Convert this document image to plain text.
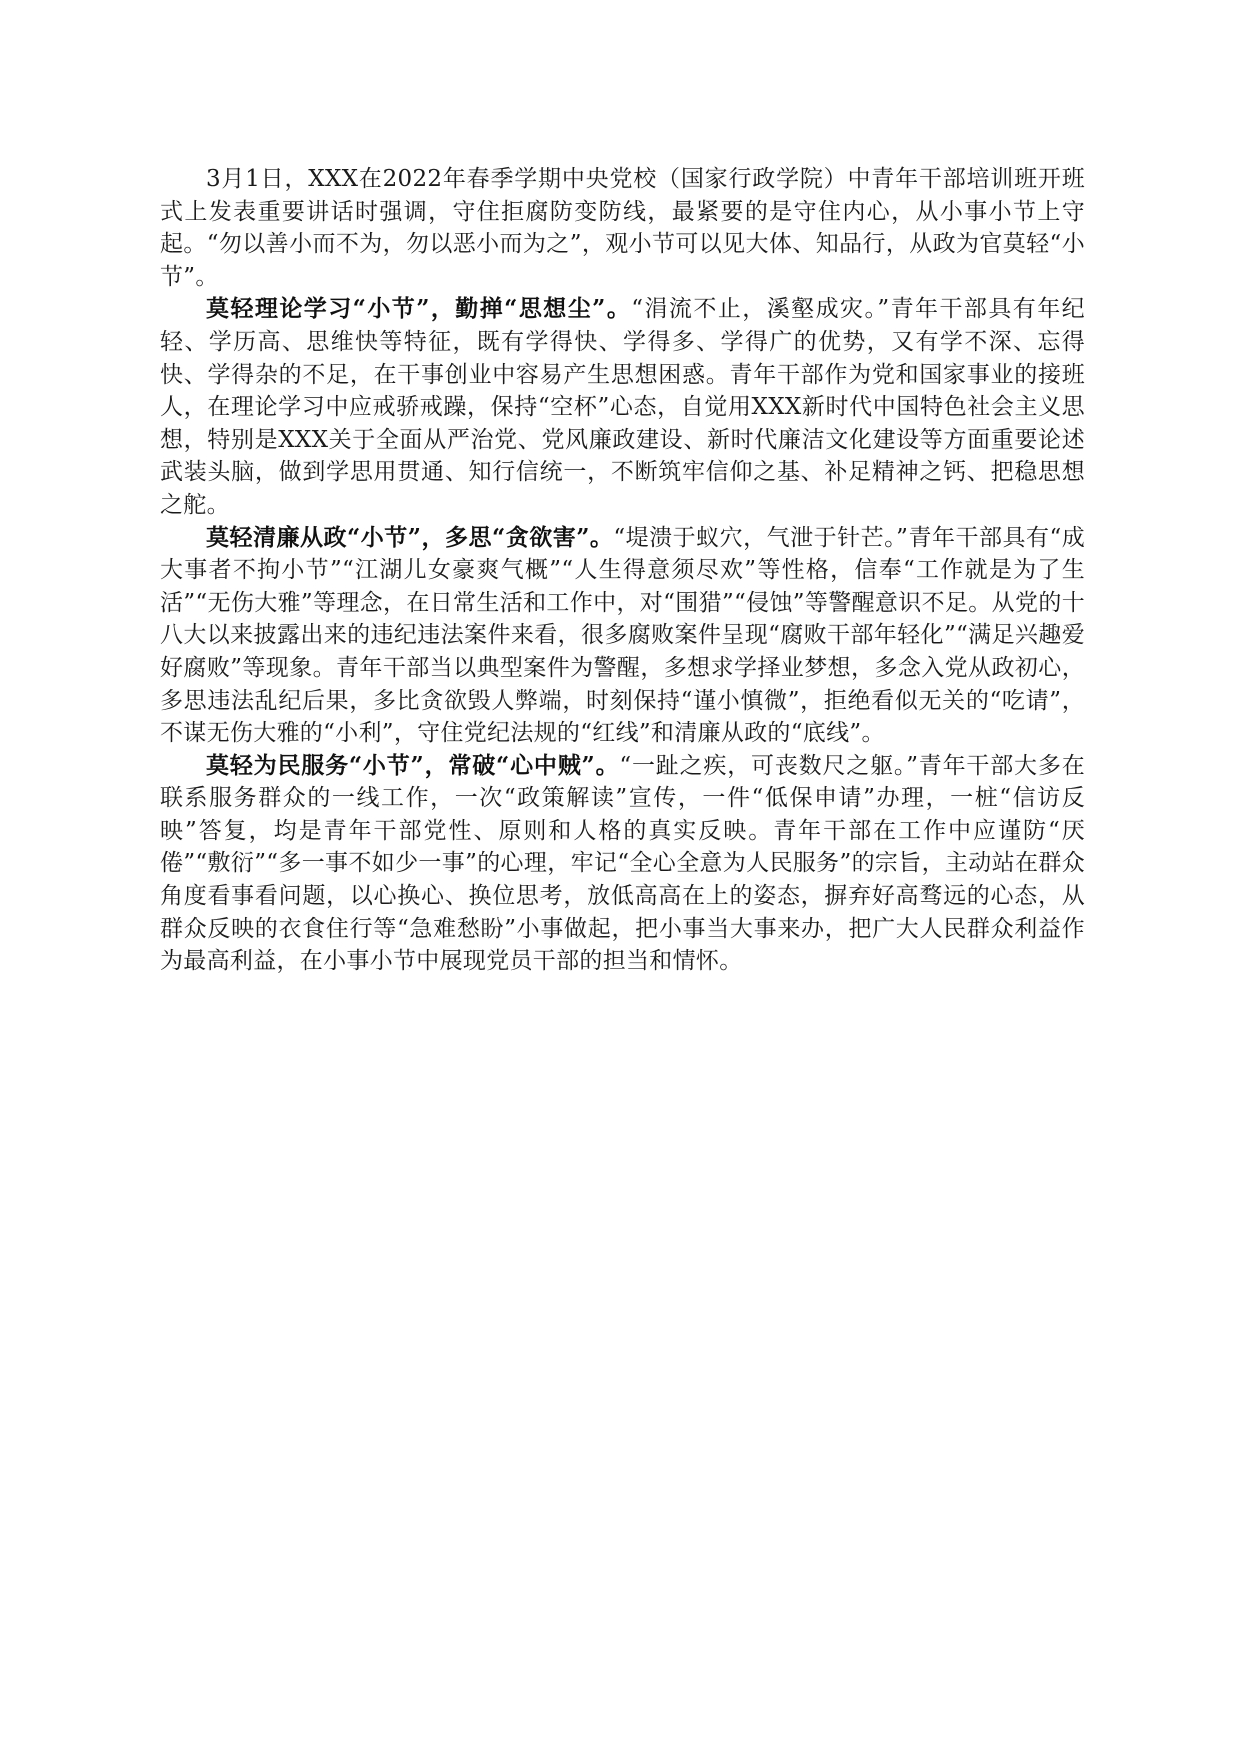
3月1日，XXX在2022年春季学期中央党校（国家行政学院）中青年干部培训班开班式上发表重要讲话时强调，守住拒腐防变防线，最紧要的是守住内心，从小事小节上守起。“勿以善小而不为，勿以恶小而为之”，观小节可以见大体、知品行，从政为官莫轻“小节”。

莫轻理论学习“小节”，勤掸“思想尘”。“涓流不止，溪壑成灾。”青年干部具有年纪轻、学历高、思维快等特征，既有学得快、学得多、学得广的优势，又有学不深、忘得快、学得杂的不足，在干事创业中容易产生思想困惑。青年干部作为党和国家事业的接班人，在理论学习中应戒骄戒躁，保持“空杯”心态，自觉用XXX新时代中国特色社会主义思想，特别是XXX关于全面从严治党、党风廉政建设、新时代廉洁文化建设等方面重要论述武装头脑，做到学思用贯通、知行信统一，不断筑牢信仰之基、补足精神之钙、把稳思想之舵。

莫轻清廉从政“小节”，多思“贪欲害”。“堤溃于蚁穴，气泄于针芒。”青年干部具有“成大事者不拘小节”“江湖儿女豪爽气概”“人生得意须尽欢”等性格，信奉“工作就是为了生活”“无伤大雅”等理念，在日常生活和工作中，对“围猎”“侵蚀”等警醒意识不足。从党的十八大以来披露出来的违纪违法案件来看，很多腐败案件呈现“腐败干部年轻化”“满足兴趣爱好腐败”等现象。青年干部当以典型案件为警醒，多想求学择业梦想，多念入党从政初心，多思违法乱纪后果，多比贪欲毁人弊端，时刻保持“谨小慎微”，拒绝看似无关的“吃请”，不谋无伤大雅的“小利”，守住党纪法规的“红线”和清廉从政的“底线”。

莫轻为民服务“小节”，常破“心中贼”。“一趾之疾，可丧数尺之躯。”青年干部大多在联系服务群众的一线工作，一次“政策解读”宣传，一件“低保申请”办理，一桩“信访反映”答复，均是青年干部党性、原则和人格的真实反映。青年干部在工作中应谨防“厌倦”“敷衍”“多一事不如少一事”的心理，牢记“全心全意为人民服务”的宗旨，主动站在群众角度看事看问题，以心换心、换位思考，放低高高在上的姿态，摒弃好高骛远的心态，从群众反映的衣食住行等“急难愁盼”小事做起，把小事当大事来办，把广大人民群众利益作为最高利益，在小事小节中展现党员干部的担当和情怀。
